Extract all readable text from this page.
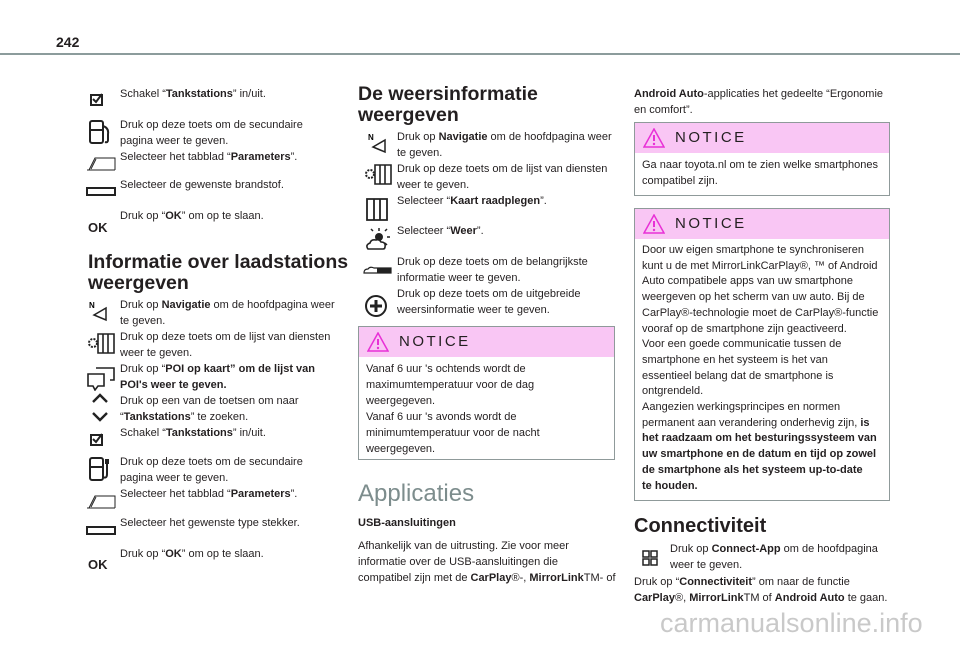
242
Schakel “Tankstations” in/uit.
Druk op deze toets om de secundaire
pagina weer te geven.
Selecteer het tabblad “Parameters”.
Selecteer de gewenste brandstof.
OK
Druk op “OK” om op te slaan.
Informatie over laadstations
weergeven
N Druk op Navigatie om de hoofdpagina weer
te geven.
Druk op deze toets om de lijst van diensten
weer te geven.
Druk op “POI op kaart” om de lijst van
POI's weer te geven.
Druk op een van de toetsen om naar
“Tankstations” te zoeken.
Schakel “Tankstations” in/uit.
Druk op deze toets om de secundaire
pagina weer te geven.
Selecteer het tabblad “Parameters”.
Selecteer het gewenste type stekker.
OK
Druk op “OK” om op te slaan.
De weersinformatie
weergeven
N Druk op Navigatie om de hoofdpagina weer
te geven.
Druk op deze toets om de lijst van diensten
weer te geven.
Selecteer “Kaart raadplegen”.
Selecteer “Weer”.
Druk op deze toets om de belangrijkste
informatie weer te geven.
Druk op deze toets om de uitgebreide
weersinformatie weer te geven.
NOTICE
Vanaf 6 uur 's ochtends wordt de
maximumtemperatuur voor de dag
weergegeven.
Vanaf 6 uur 's avonds wordt de
minimumtemperatuur voor de nacht
weergegeven.
Applicaties
USB-aansluitingen
Afhankelijk van de uitrusting. Zie voor meer
informatie over de USB-aansluitingen die
compatibel zijn met de CarPlay®-, MirrorLinkTM- of
Android Auto-applicaties het gedeelte “Ergonomie
en comfort”.
NOTICE
Ga naar toyota.nl om te zien welke smartphones
compatibel zijn.
NOTICE
Door uw eigen smartphone te synchroniseren
kunt u de met MirrorLinkCarPlay®, ™ of Android
Auto compatibele apps van uw smartphone
weergeven op het scherm van uw auto. Bij de
CarPlay®-technologie moet de CarPlay®-functie
vooraf op de smartphone zijn geactiveerd.
Voor een goede communicatie tussen de
smartphone en het systeem is het van
essentieel belang dat de smartphone is
ontgrendeld.
Aangezien werkingsprincipes en normen
permanent aan verandering onderhevig zijn, is
het raadzaam om het besturingssysteem van
uw smartphone en de datum en tijd op zowel
de smartphone als het systeem up-to-date
te houden.
Connectiviteit
Druk op Connect-App om de hoofdpagina
weer te geven.
Druk op “Connectiviteit” om naar de functie
CarPlay®, MirrorLinkTM of Android Auto te gaan.
carmanualsonline.info
